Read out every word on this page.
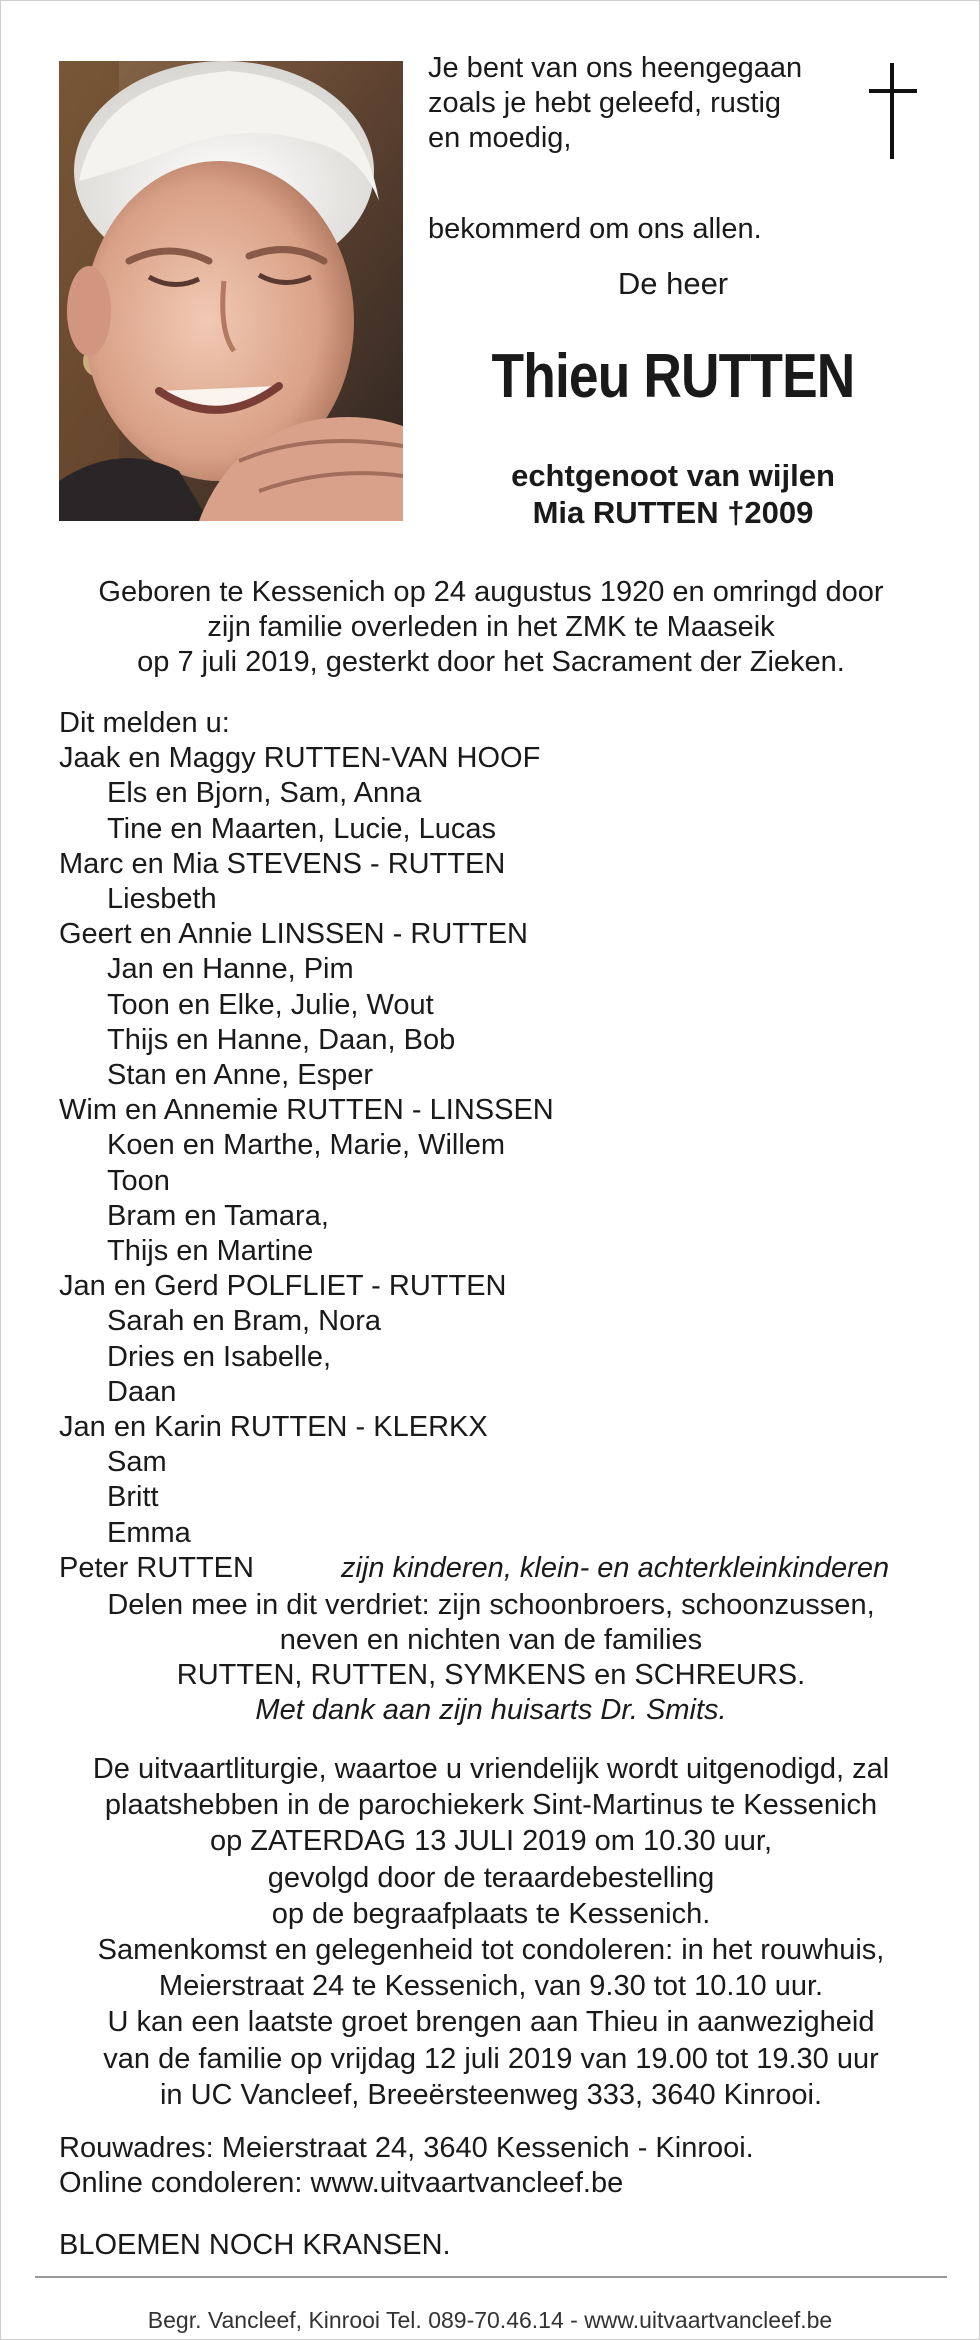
Je bent van ons heengegaan
zoals je hebt geleefd, rustig
en moedig,
bekommerd om ons allen.
De heer
Thieu RUTTEN
echtgenoot van wijlen
Mia RUTTEN †2009
Geboren te Kessenich op 24 augustus 1920 en omringd door
zijn familie overleden in het ZMK te Maaseik
op 7 juli 2019, gesterkt door het Sacrament der Zieken.
Dit melden u:
Jaak en Maggy RUTTEN-VAN HOOF
Els en Bjorn, Sam, Anna
Tine en Maarten, Lucie, Lucas
Marc en Mia STEVENS - RUTTEN
Liesbeth
Geert en Annie LINSSEN - RUTTEN
Jan en Hanne, Pim
Toon en Elke, Julie, Wout
Thijs en Hanne, Daan, Bob
Stan en Anne, Esper
Wim en Annemie RUTTEN - LINSSEN
Koen en Marthe, Marie, Willem
Toon
Bram en Tamara,
Thijs en Martine
Jan en Gerd POLFLIET - RUTTEN
Sarah en Bram, Nora
Dries en Isabelle,
Daan
Jan en Karin RUTTEN - KLERKX
Sam
Britt
Emma
Peter RUTTEN	zijn kinderen, klein- en achterkleinkinderen
Delen mee in dit verdriet: zijn schoonbroers, schoonzussen,
neven en nichten van de families
RUTTEN, RUTTEN, SYMKENS en SCHREURS.
Met dank aan zijn huisarts Dr. Smits.
De uitvaartliturgie, waartoe u vriendelijk wordt uitgenodigd, zal
plaatshebben in de parochiekerk Sint-Martinus te Kessenich
op ZATERDAG 13 JULI 2019 om 10.30 uur,
gevolgd door de teraardebestelling
op de begraafplaats te Kessenich.
Samenkomst en gelegenheid tot condoleren: in het rouwhuis,
Meierstraat 24 te Kessenich, van 9.30 tot 10.10 uur.
U kan een laatste groet brengen aan Thieu in aanwezigheid
van de familie op vrijdag 12 juli 2019 van 19.00 tot 19.30 uur
in UC Vancleef, Breeërsteenweg 333, 3640 Kinrooi.
Rouwadres: Meierstraat 24, 3640 Kessenich - Kinrooi.
Online condoleren: www.uitvaartvancleef.be
BLOEMEN NOCH KRANSEN.
Begr. Vancleef, Kinrooi Tel. 089-70.46.14 - www.uitvaartvancleef.be
